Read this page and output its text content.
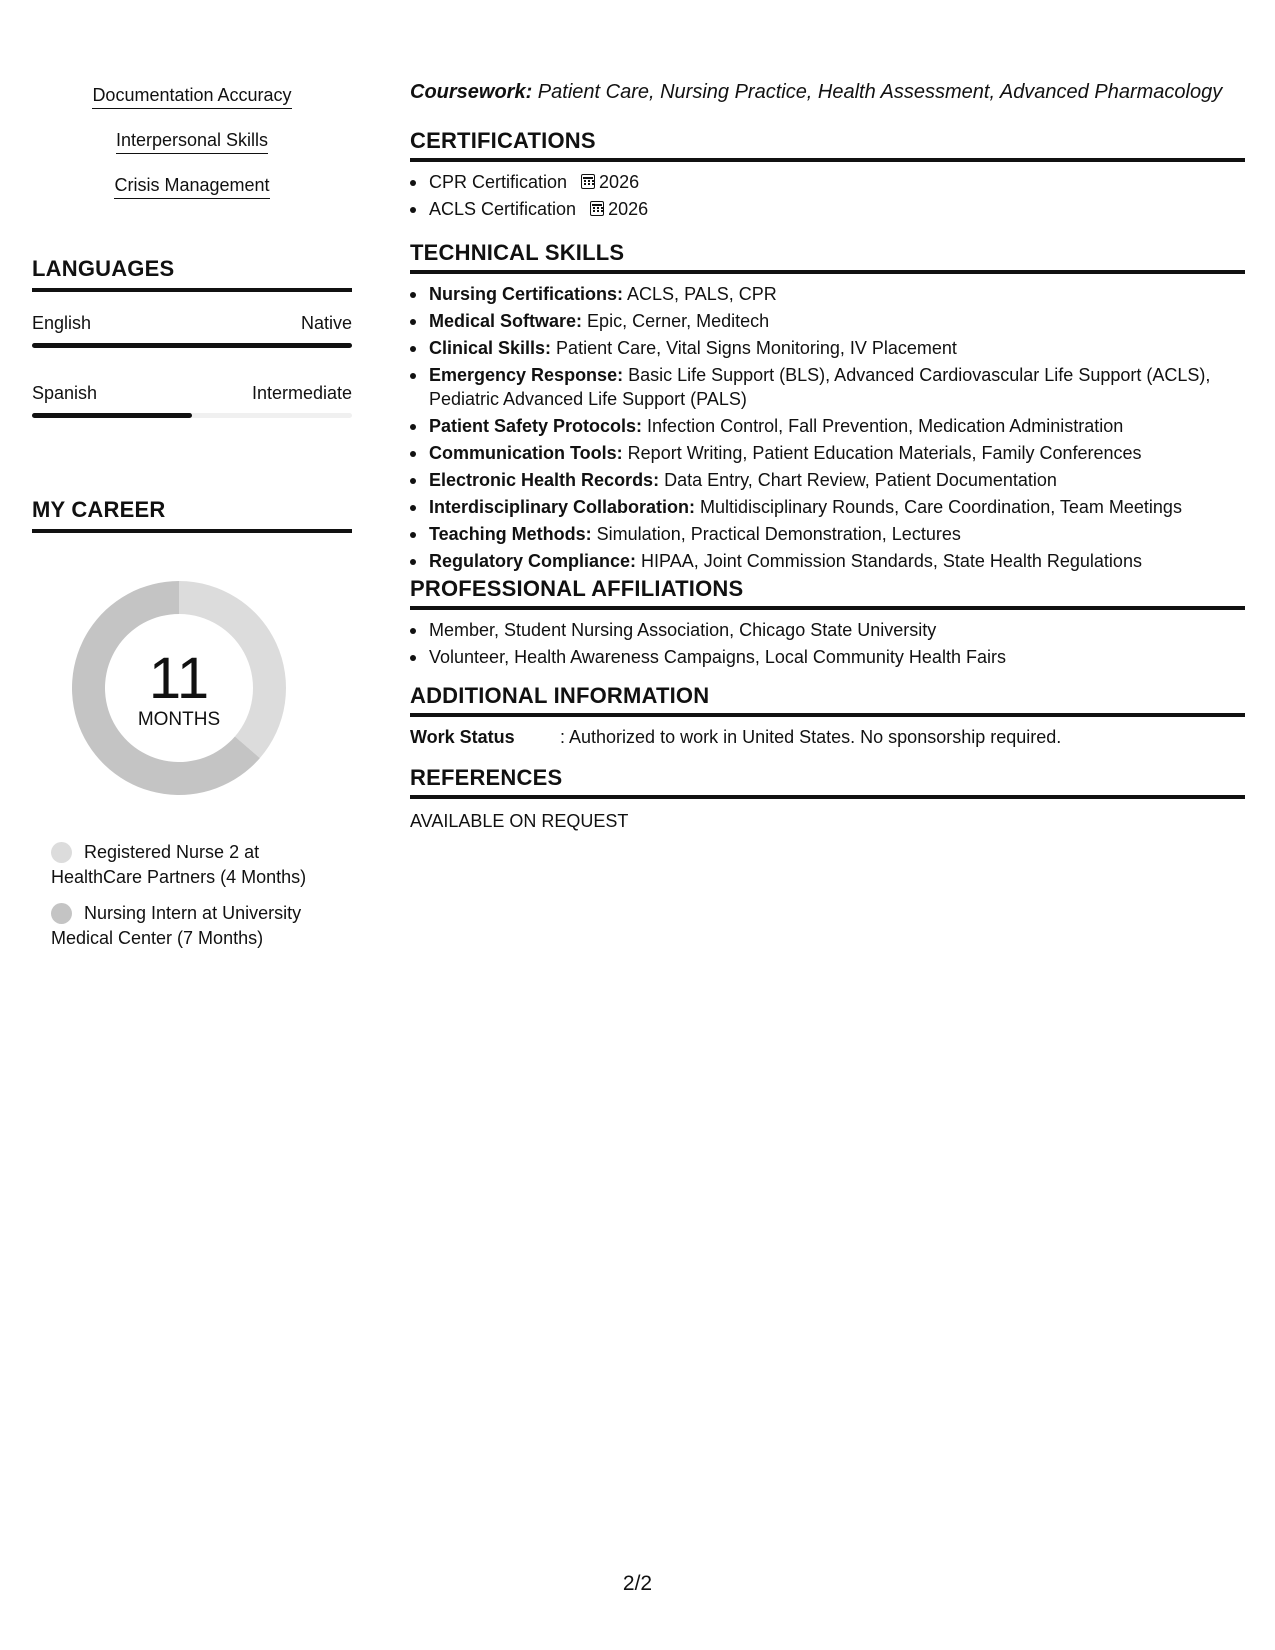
Documentation Accuracy
Interpersonal Skills
Crisis Management
LANGUAGES
English	Native
Spanish	Intermediate
MY CAREER
11
MONTHS
Registered Nurse 2 at HealthCare Partners (4 Months)
Nursing Intern at University Medical Center (7 Months)
Coursework: Patient Care, Nursing Practice, Health Assessment, Advanced Pharmacology
CERTIFICATIONS
CPR Certification 2026
ACLS Certification 2026
TECHNICAL SKILLS
Nursing Certifications: ACLS, PALS, CPR
Medical Software: Epic, Cerner, Meditech
Clinical Skills: Patient Care, Vital Signs Monitoring, IV Placement
Emergency Response: Basic Life Support (BLS), Advanced Cardiovascular Life Support (ACLS), Pediatric Advanced Life Support (PALS)
Patient Safety Protocols: Infection Control, Fall Prevention, Medication Administration
Communication Tools: Report Writing, Patient Education Materials, Family Conferences
Electronic Health Records: Data Entry, Chart Review, Patient Documentation
Interdisciplinary Collaboration: Multidisciplinary Rounds, Care Coordination, Team Meetings
Teaching Methods: Simulation, Practical Demonstration, Lectures
Regulatory Compliance: HIPAA, Joint Commission Standards, State Health Regulations
PROFESSIONAL AFFILIATIONS
Member, Student Nursing Association, Chicago State University
Volunteer, Health Awareness Campaigns, Local Community Health Fairs
ADDITIONAL INFORMATION
Work Status	: Authorized to work in United States. No sponsorship required.
REFERENCES
AVAILABLE ON REQUEST
2/2
